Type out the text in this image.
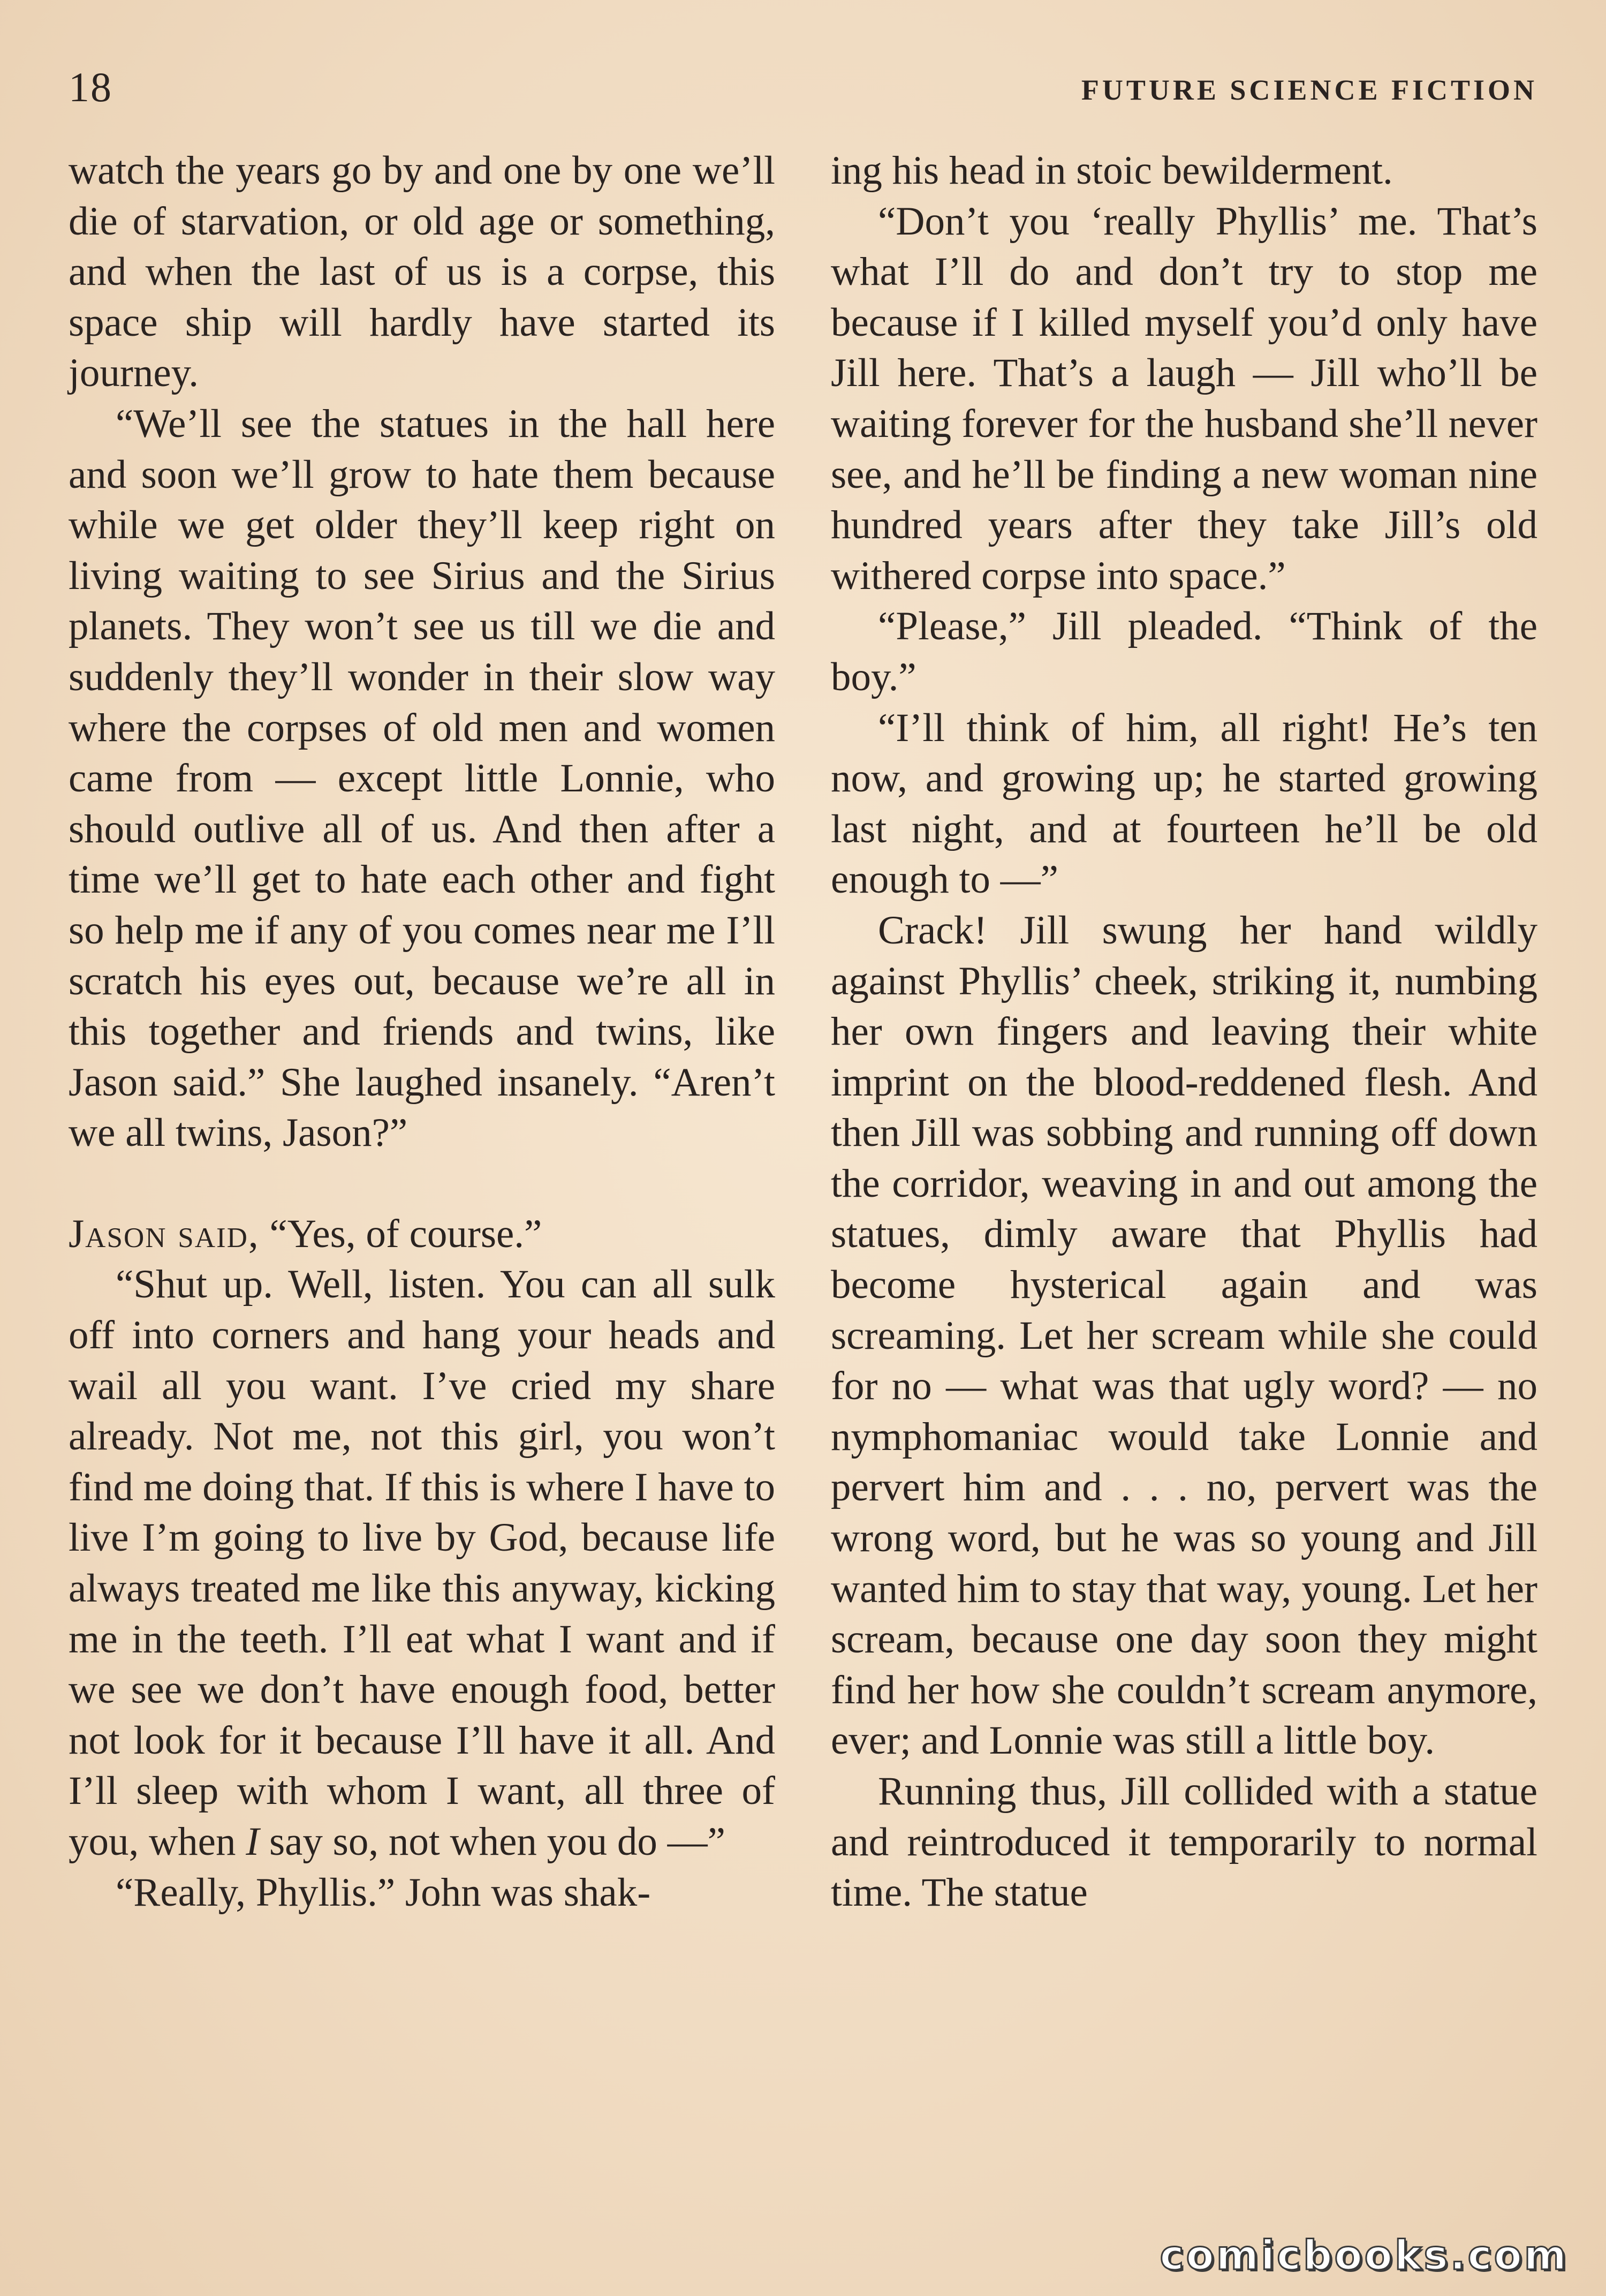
18	FUTURE SCIENCE FICTION

watch the years go by and one by one we’ll die of starvation, or old age or something, and when the last of us is a corpse, this space ship will hardly have started its journey.

“We’ll see the statues in the hall here and soon we’ll grow to hate them because while we get older they’ll keep right on living waiting to see Sirius and the Sirius planets. They won’t see us till we die and suddenly they’ll wonder in their slow way where the corpses of old men and women came from — except little Lonnie, who should outlive all of us. And then after a time we’ll get to hate each other and fight so help me if any of you comes near me I’ll scratch his eyes out, because we’re all in this together and friends and twins, like Jason said.” She laughed insanely. “Aren’t we all twins, Jason?”

Jason said, “Yes, of course.”

“Shut up. Well, listen. You can all sulk off into corners and hang your heads and wail all you want. I’ve cried my share already. Not me, not this girl, you won’t find me doing that. If this is where I have to live I’m going to live by God, because life always treated me like this anyway, kicking me in the teeth. I’ll eat what I want and if we see we don’t have enough food, better not look for it because I’ll have it all. And I’ll sleep with whom I want, all three of you, when I say so, not when you do —”

“Really, Phyllis.” John was shak-

ing his head in stoic bewilderment.

“Don’t you ‘really Phyllis’ me. That’s what I’ll do and don’t try to stop me because if I killed myself you’d only have Jill here. That’s a laugh — Jill who’ll be waiting forever for the husband she’ll never see, and he’ll be finding a new woman nine hundred years after they take Jill’s old withered corpse into space.”

“Please,” Jill pleaded. “Think of the boy.”

“I’ll think of him, all right! He’s ten now, and growing up; he started growing last night, and at fourteen he’ll be old enough to —”

Crack! Jill swung her hand wildly against Phyllis’ cheek, striking it, numbing her own fingers and leaving their white imprint on the blood-reddened flesh. And then Jill was sobbing and running off down the corridor, weaving in and out among the statues, dimly aware that Phyllis had become hysterical again and was screaming. Let her scream while she could for no — what was that ugly word? — no nymphomaniac would take Lonnie and pervert him and . . . no, pervert was the wrong word, but he was so young and Jill wanted him to stay that way, young. Let her scream, because one day soon they might find her how she couldn’t scream anymore, ever; and Lonnie was still a little boy.

Running thus, Jill collided with a statue and reintroduced it temporarily to normal time. The statue

comicbooks.com
